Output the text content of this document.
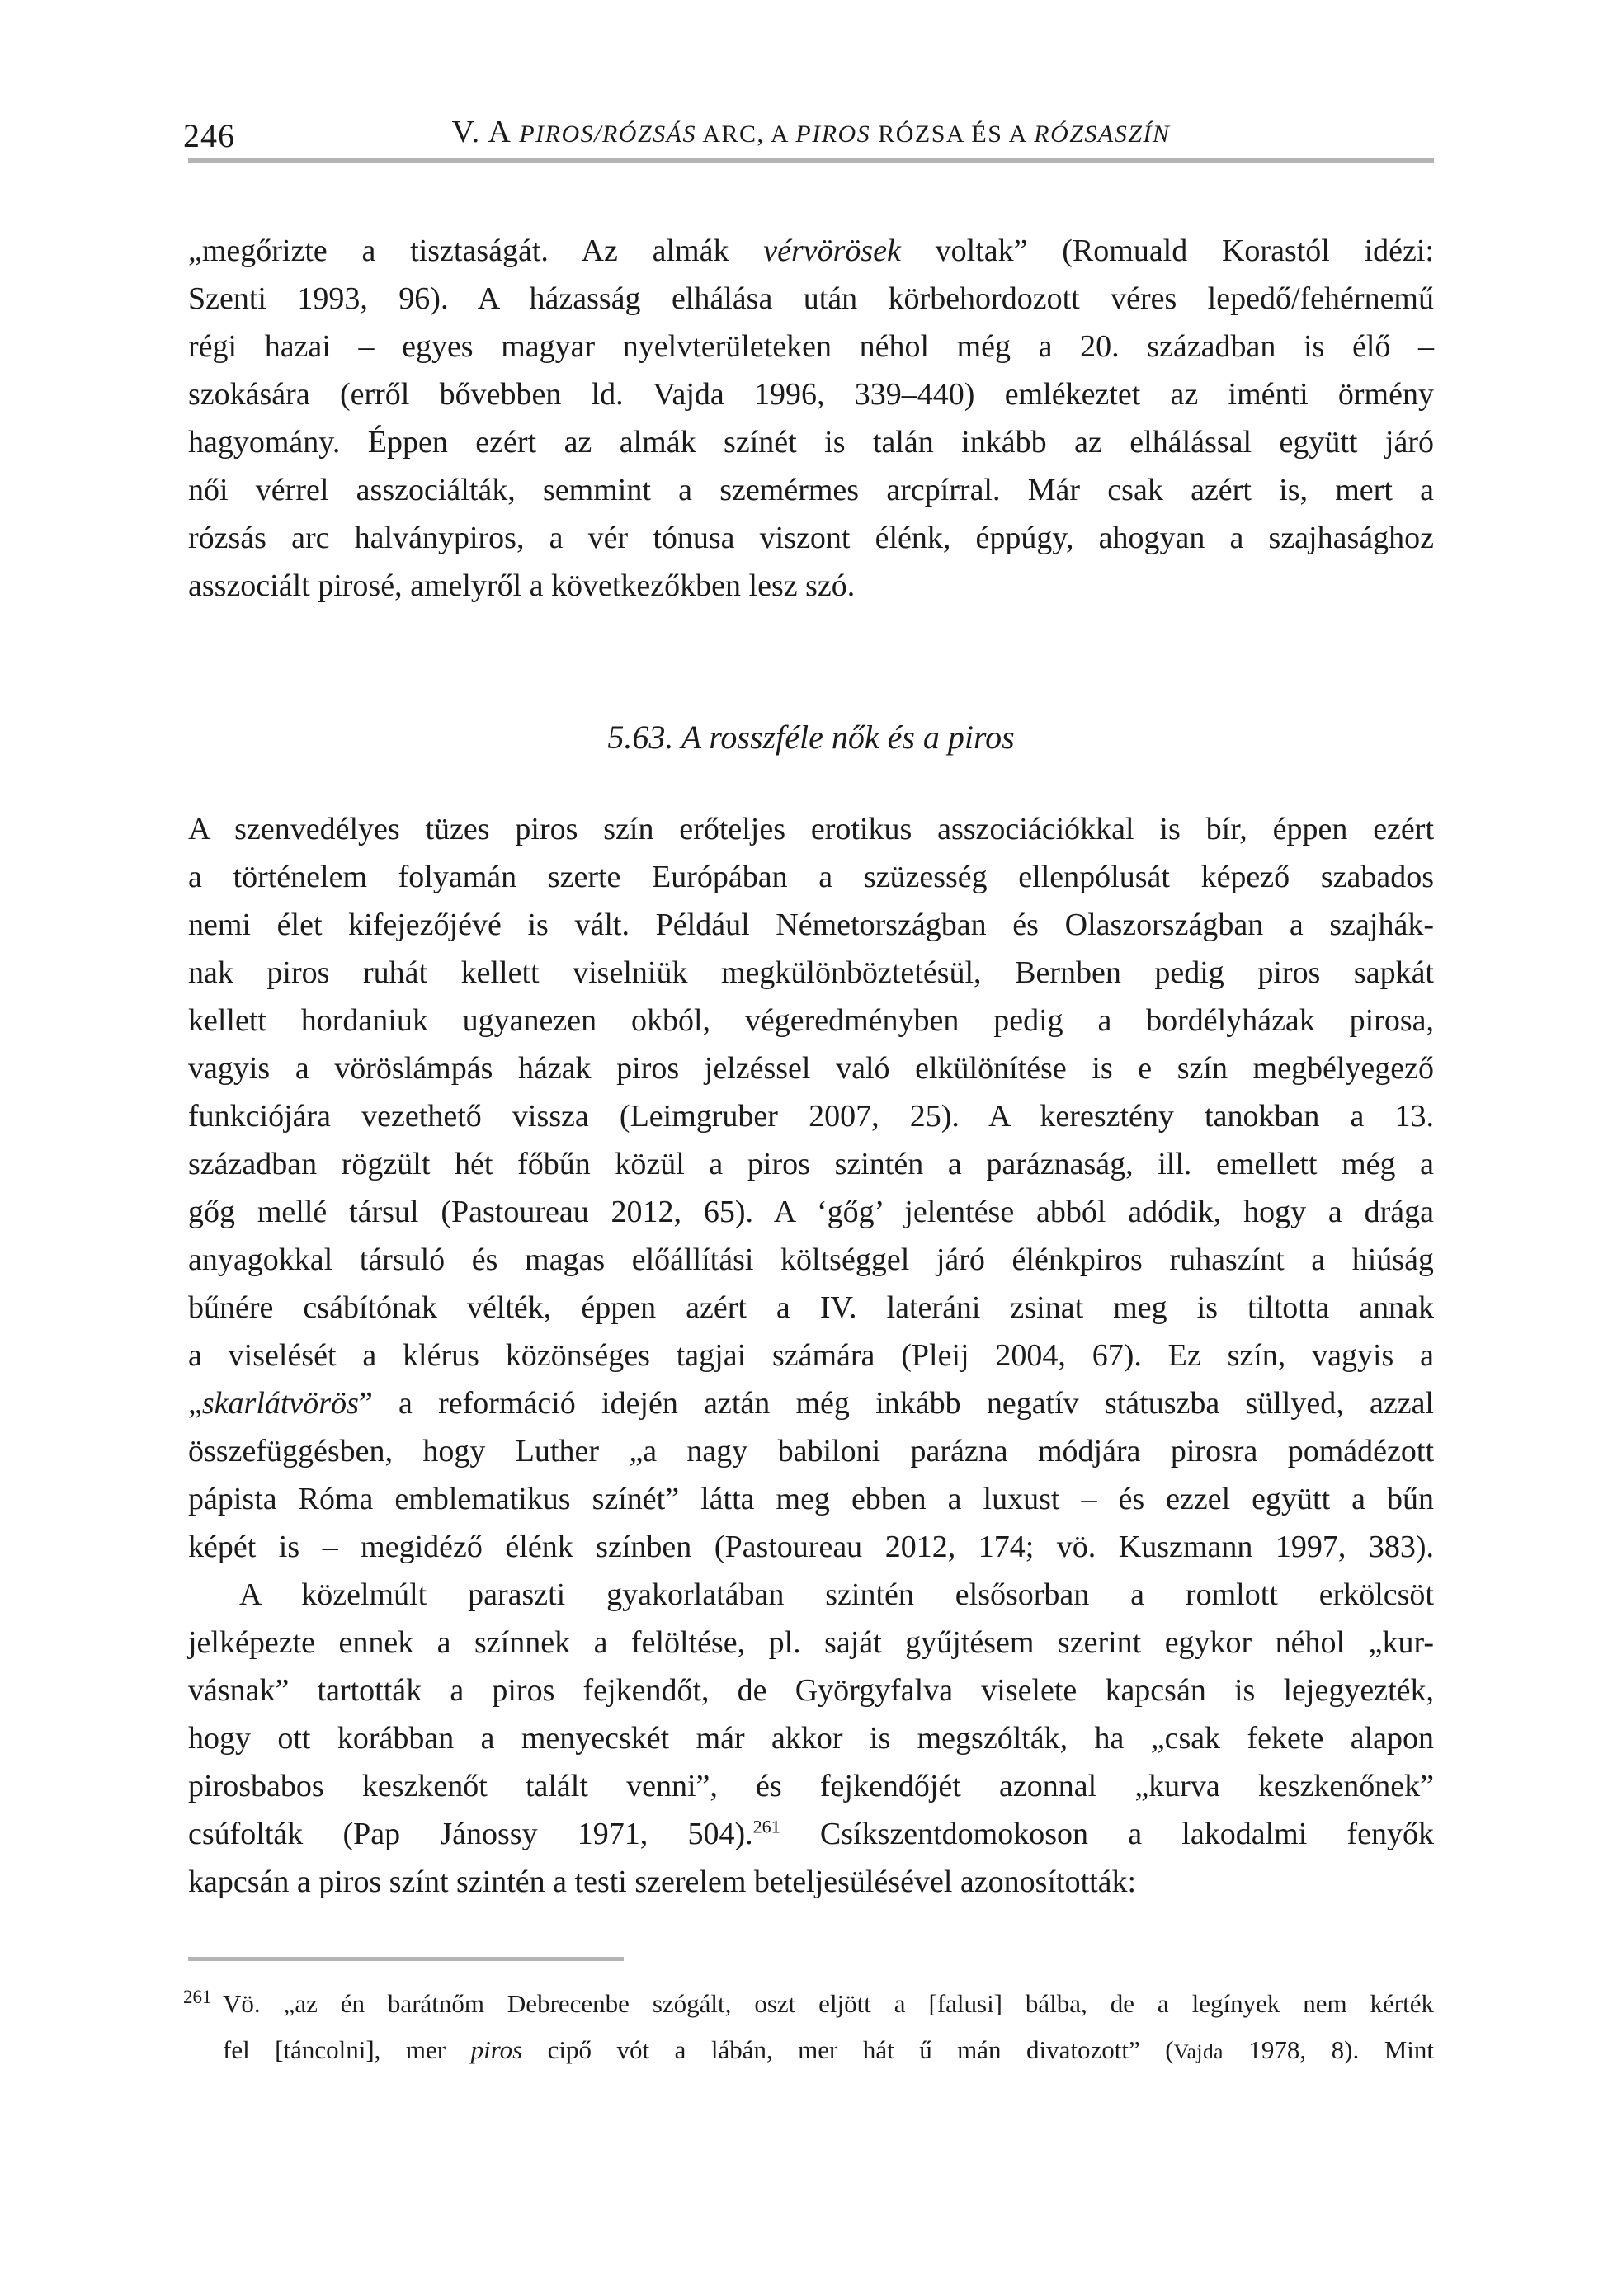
246	V. A PIROS/RÓZSÁS ARC, A PIROS RÓZSA ÉS A RÓZSASZÍN
„megőrizte a tisztaságát. Az almák vérvörösek voltak” (Romuald Korastól idézi:
Szenti 1993, 96). A házasság elhálása után körbehordozott véres lepedő/fehérnemű
régi hazai – egyes magyar nyelvterületeken néhol még a 20. században is élő –
szokására (erről bővebben ld. Vajda 1996, 339–440) emlékeztet az iménti örmény
hagyomány. Éppen ezért az almák színét is talán inkább az elhálással együtt járó
női vérrel asszociálták, semmint a szemérmes arcpírral. Már csak azért is, mert a
rózsás arc halványpiros, a vér tónusa viszont élénk, éppúgy, ahogyan a szajhasághoz
asszociált pirosé, amelyről a következőkben lesz szó.
5.63. A rosszféle nők és a piros
A szenvedélyes tüzes piros szín erőteljes erotikus asszociációkkal is bír, éppen ezért
a történelem folyamán szerte Európában a szüzesség ellenpólusát képező szabados
nemi élet kifejezőjévé is vált. Például Németországban és Olaszországban a szajhák-
nak piros ruhát kellett viselniük megkülönböztetésül, Bernben pedig piros sapkát
kellett hordaniuk ugyanezen okból, végeredményben pedig a bordélyházak pirosa,
vagyis a vöröslámpás házak piros jelzéssel való elkülönítése is e szín megbélyegező
funkciójára vezethető vissza (Leimgruber 2007, 25). A keresztény tanokban a 13.
században rögzült hét főbűn közül a piros szintén a paráznaság, ill. emellett még a
gőg mellé társul (Pastoureau 2012, 65). A ‘gőg’ jelentése abból adódik, hogy a drága
anyagokkal társuló és magas előállítási költséggel járó élénkpiros ruhaszínt a hiúság
bűnére csábítónak vélték, éppen azért a IV. lateráni zsinat meg is tiltotta annak
a viselését a klérus közönséges tagjai számára (Pleij 2004, 67). Ez szín, vagyis a
„skarlátvörös” a reformáció idején aztán még inkább negatív státuszba süllyed, azzal
összefüggésben, hogy Luther „a nagy babiloni parázna módjára pirosra pomádézott
pápista Róma emblematikus színét” látta meg ebben a luxust – és ezzel együtt a bűn
képét is – megidéző élénk színben (Pastoureau 2012, 174; vö. Kuszmann 1997, 383).
A közelmúlt paraszti gyakorlatában szintén elsősorban a romlott erkölcsöt
jelképezte ennek a színnek a felöltése, pl. saját gyűjtésem szerint egykor néhol „kur-
vásnak” tartották a piros fejkendőt, de Györgyfalva viselete kapcsán is lejegyezték,
hogy ott korábban a menyecskét már akkor is megszólták, ha „csak fekete alapon
pirosbabos keszkenőt talált venni”, és fejkendőjét azonnal „kurva keszkenőnek”
csúfolták (Pap Jánossy 1971, 504).$^{261}$ Csíkszentdomokoson a lakodalmi fenyők
kapcsán a piros színt szintén a testi szerelem beteljesülésével azonosították:
261 Vö. „az én barátnőm Debrecenbe szógált, oszt eljött a [falusi] bálba, de a legínyek nem kérték
fel [táncolni], mer piros cipő vót a lábán, mer hát ű mán divatozott” (Vajda 1978, 8). Mint
